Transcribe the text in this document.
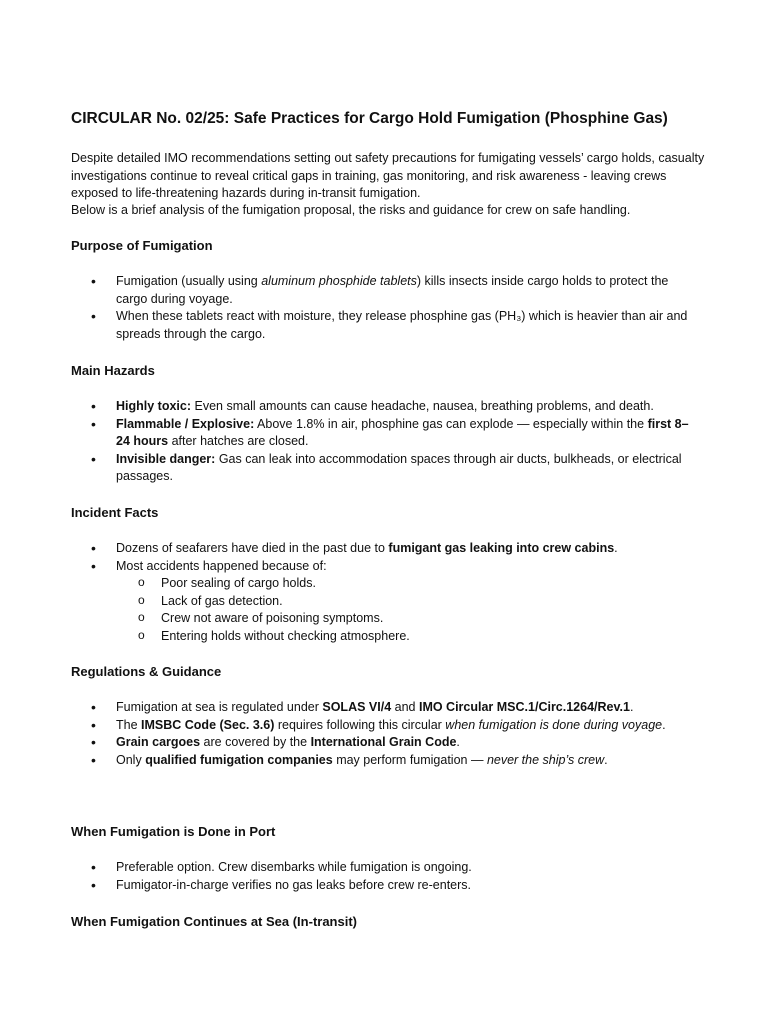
CIRCULAR No. 02/25: Safe Practices for Cargo Hold Fumigation (Phosphine Gas)

Despite detailed IMO recommendations setting out safety precautions for fumigating vessels’ cargo holds, casualty investigations continue to reveal critical gaps in training, gas monitoring, and risk awareness - leaving crews exposed to life-threatening hazards during in-transit fumigation.

Below is a brief analysis of the fumigation proposal, the risks and guidance for crew on safe handling.

Purpose of Fumigation
• Fumigation (usually using aluminum phosphide tablets) kills insects inside cargo holds to protect the cargo during voyage.
• When these tablets react with moisture, they release phosphine gas (PH₃) which is heavier than air and spreads through the cargo.
Main Hazards
• Highly toxic: Even small amounts can cause headache, nausea, breathing problems, and death.
• Flammable / Explosive: Above 1.8% in air, phosphine gas can explode — especially within the first 8–24 hours after hatches are closed.
• Invisible danger: Gas can leak into accommodation spaces through air ducts, bulkheads, or electrical passages.
Incident Facts
• Dozens of seafarers have died in the past due to fumigant gas leaking into crew cabins.
• Most accidents happened because of:
o Poor sealing of cargo holds.
o Lack of gas detection.
o Crew not aware of poisoning symptoms.
o Entering holds without checking atmosphere.
Regulations & Guidance
• Fumigation at sea is regulated under SOLAS VI/4 and IMO Circular MSC.1/Circ.1264/Rev.1.
• The IMSBC Code (Sec. 3.6) requires following this circular when fumigation is done during voyage.
• Grain cargoes are covered by the International Grain Code.
• Only qualified fumigation companies may perform fumigation — never the ship’s crew.
When Fumigation is Done in Port
• Preferable option. Crew disembarks while fumigation is ongoing.
• Fumigator-in-charge verifies no gas leaks before crew re-enters.
When Fumigation Continues at Sea (In-transit)
